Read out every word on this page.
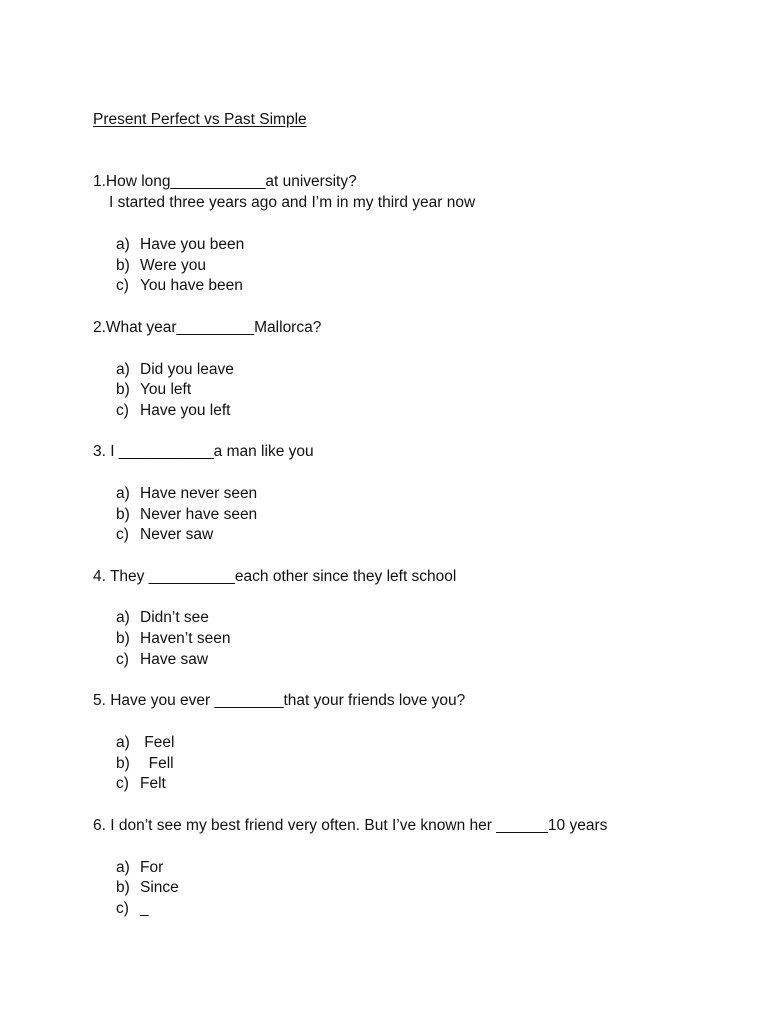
Present Perfect vs Past Simple
1.How long___________at university?
I started three years ago and I’m in my third year now
a) Have you been
b) Were you
c) You have been
2.What year_________Mallorca?
a) Did you leave
b) You left
c) Have you left
3. I ___________a man like you
a) Have never seen
b) Never have seen
c) Never saw
4. They __________each other since they left school
a) Didn’t see
b) Haven’t seen
c) Have saw
5. Have you ever ________that your friends love you?
a) Feel
b)  Fell
c) Felt
6. I don’t see my best friend very often. But I’ve known her ______10 years
a) For
b) Since
c) _
